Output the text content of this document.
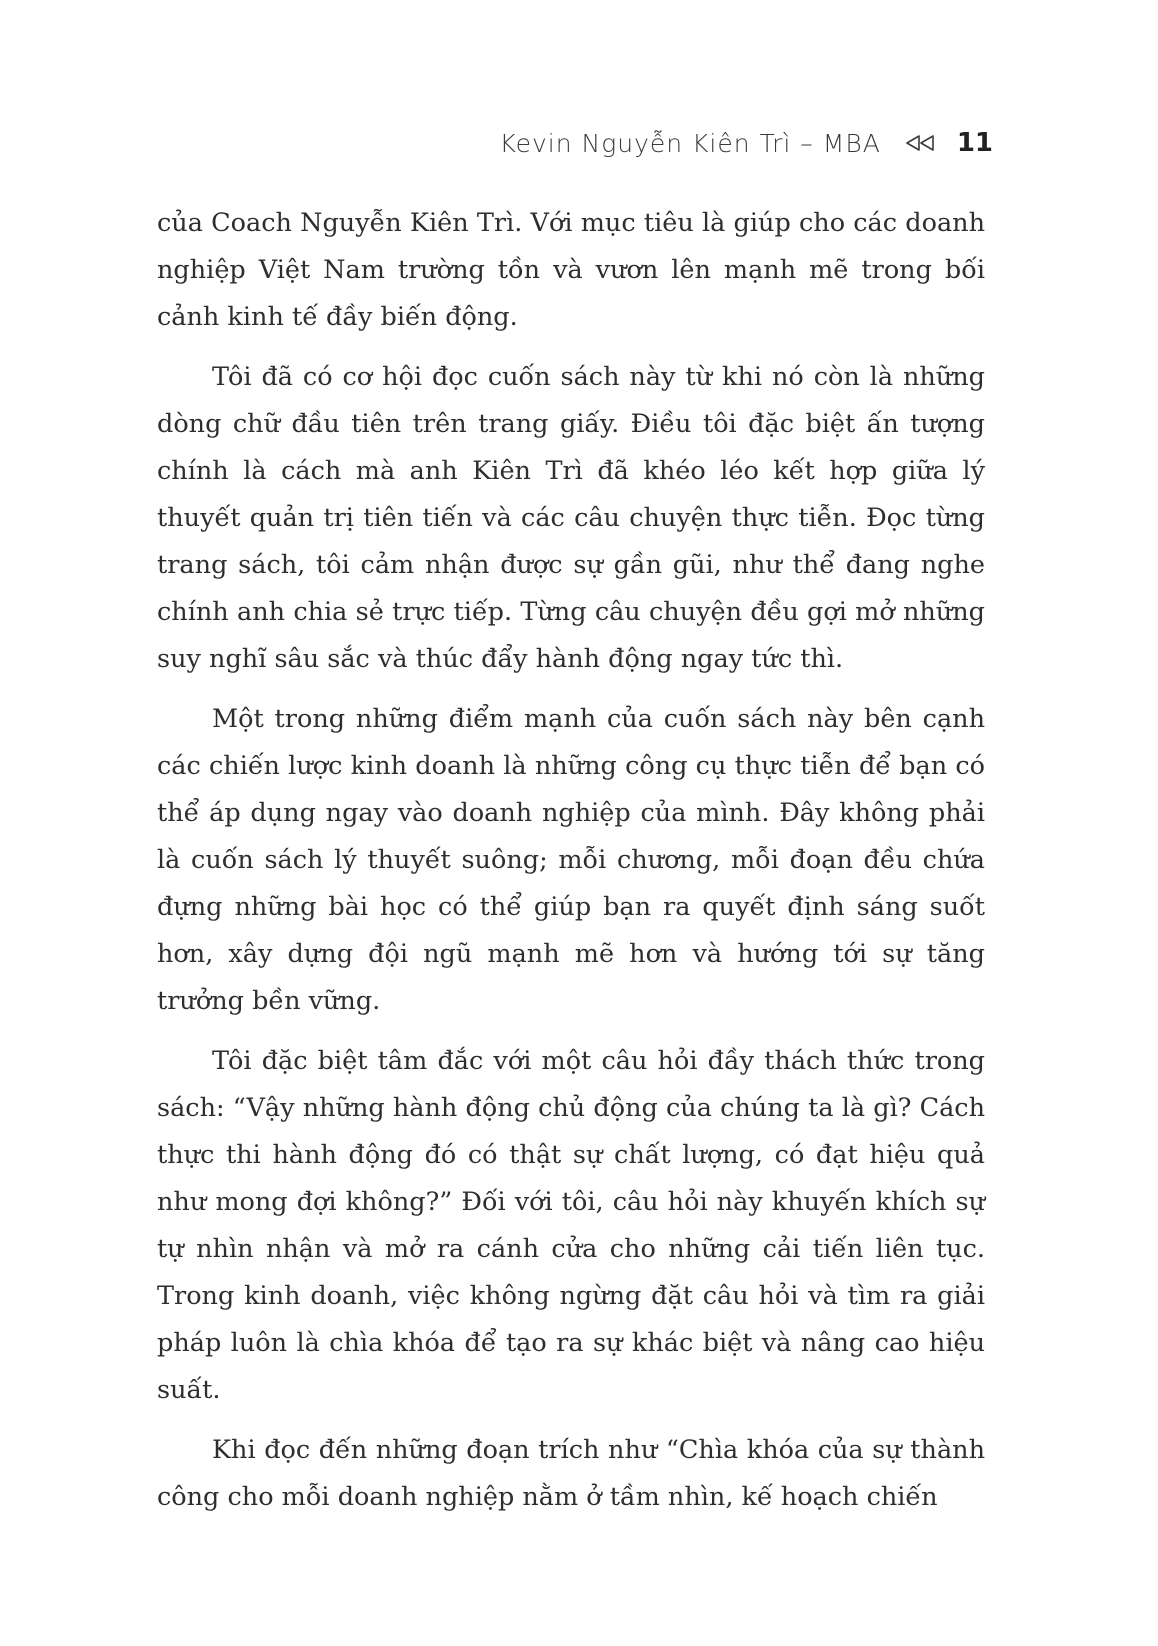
Kevin Nguyễn Kiên Trì – MBA	11

của Coach Nguyễn Kiên Trì. Với mục tiêu là giúp cho các doanh nghiệp Việt Nam trường tồn và vươn lên mạnh mẽ trong bối cảnh kinh tế đầy biến động.

Tôi đã có cơ hội đọc cuốn sách này từ khi nó còn là những dòng chữ đầu tiên trên trang giấy. Điều tôi đặc biệt ấn tượng chính là cách mà anh Kiên Trì đã khéo léo kết hợp giữa lý thuyết quản trị tiên tiến và các câu chuyện thực tiễn. Đọc từng trang sách, tôi cảm nhận được sự gần gũi, như thể đang nghe chính anh chia sẻ trực tiếp. Từng câu chuyện đều gợi mở những suy nghĩ sâu sắc và thúc đẩy hành động ngay tức thì.

Một trong những điểm mạnh của cuốn sách này bên cạnh các chiến lược kinh doanh là những công cụ thực tiễn để bạn có thể áp dụng ngay vào doanh nghiệp của mình. Đây không phải là cuốn sách lý thuyết suông; mỗi chương, mỗi đoạn đều chứa đựng những bài học có thể giúp bạn ra quyết định sáng suốt hơn, xây dựng đội ngũ mạnh mẽ hơn và hướng tới sự tăng trưởng bền vững.

Tôi đặc biệt tâm đắc với một câu hỏi đầy thách thức trong sách: “Vậy những hành động chủ động của chúng ta là gì? Cách thực thi hành động đó có thật sự chất lượng, có đạt hiệu quả như mong đợi không?” Đối với tôi, câu hỏi này khuyến khích sự tự nhìn nhận và mở ra cánh cửa cho những cải tiến liên tục. Trong kinh doanh, việc không ngừng đặt câu hỏi và tìm ra giải pháp luôn là chìa khóa để tạo ra sự khác biệt và nâng cao hiệu suất.

Khi đọc đến những đoạn trích như “Chìa khóa của sự thành công cho mỗi doanh nghiệp nằm ở tầm nhìn, kế hoạch chiến
